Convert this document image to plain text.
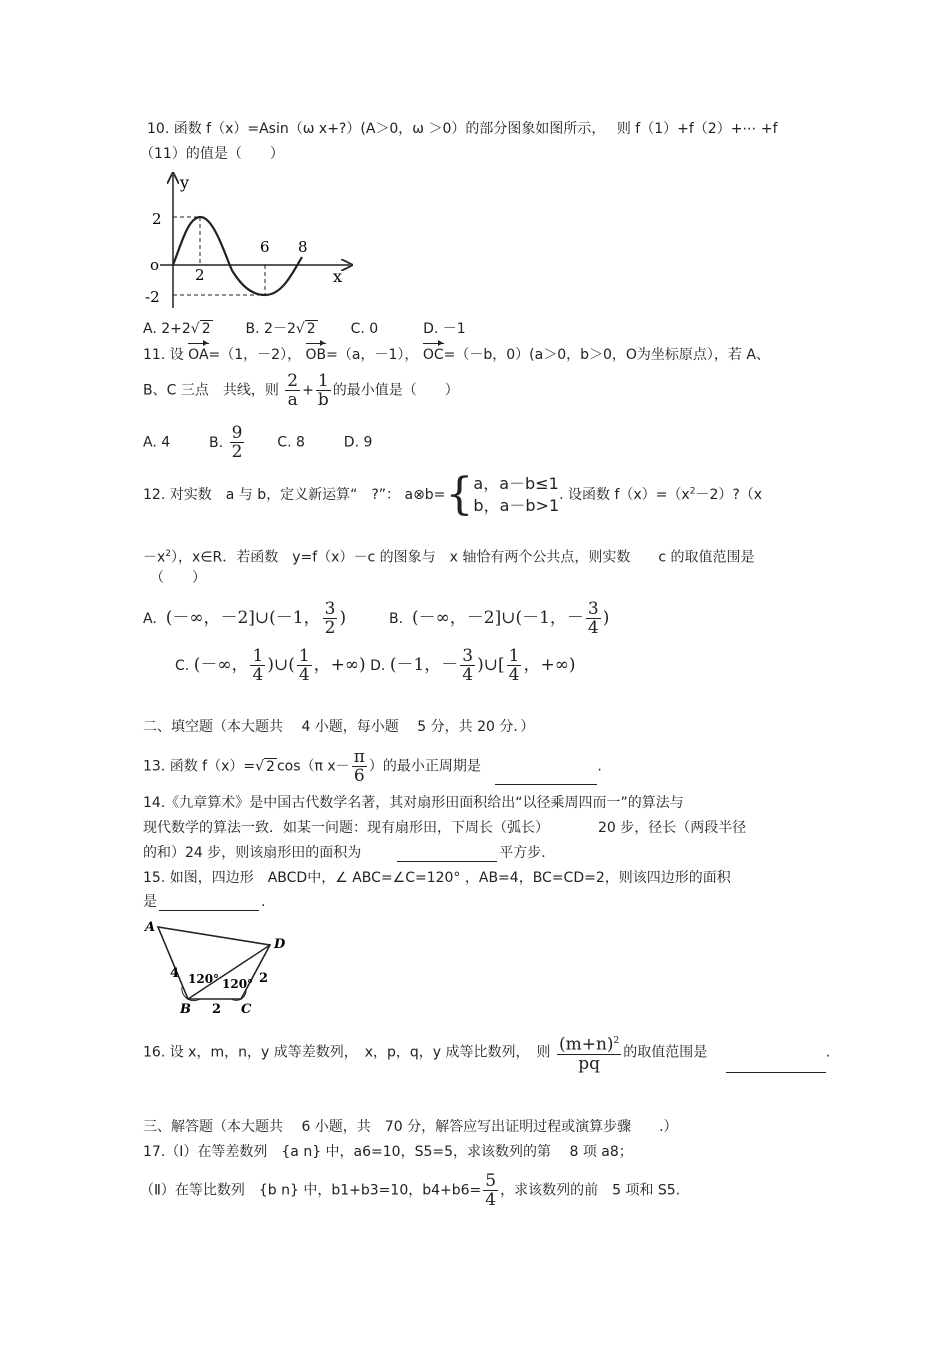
10. 函数 f（x）=Asin（ω x+?）(A＞0，ω ＞0）的部分图象如图所示，　 则 f（1）+f（2）+⋯ +f
（11）的值是（　　）
y
x
o
2
6 8
2
-2
A. 2+2√ 2 B. 2－2√ 2 C. 0	D. －1
11. 设 OA=（1，－2）， OB=（a，－1）， OC=（－b，0）(a＞0，b＞0，O为坐标原点），若 A、
B、C 三点　共线，则 $\frac{2}{a} + \frac{1}{b}$ 的最小值是（　　）
A. 4	B. $\frac{9}{2} C$. 8	D. 9
12. 对实数　a 与 b，定义新运算“　?”： a⊗b={ a，a－b≤1
b，a－b>1
. 设函数 $f(x)=(x^2-2)?(x$
$-x^2$），x∈R．若函数　y=f（x）－c 的图象与　x 轴恰有两个公共点，则实数　　c 的取值范围是
（　　）
A. (－∞，－2]∪(－1， $\frac{3}{2}$ )	B. (－∞，－2]∪(－1，－ $\frac{3}{4}$ )
C. (－∞， $\frac{1}{4}$ )∪( $\frac{1}{4}$ ，+∞) D. (－1，－ $\frac{3}{4}$ )∪[ $\frac{1}{4}$ ，+∞)
二、填空题（本大题共　 4 小题，每小题　 5 分，共 20 分．）
13. 函数 f（x）=√ 2 cos（π $x- \frac{\pi}{6}$ ）的最小正周期是	.
14.《九章算术》是中国古代数学名著，其对扇形田面积给出“以径乘周四而一”的算法与
现代数学的算法一致．如某一问题：现有扇形田，下周长（弧长）　　　　20 步，径长（两段半径
的和）24 步，则该扇形田的面积为	平方步.
15. 如图，四边形　ABCD中，∠ ABC=∠C=120° ，AB=4，BC=CD=2，则该四边形的面积
是	.
A
B	C
D
4
2
2
120° 120°
16. 设 x，m，n，y 成等差数列，　x，p，q，y 成等比数列，　则 $\frac{(m+n)^2}{pq}$ 的取值范围是	.
三、解答题（本大题共　 6 小题，共　70 分，解答应写出证明过程或演算步骤　　.）
17.（Ⅰ）在等差数列　{a n} 中，a6=10，S5=5，求该数列的第　 8 项 a8；
（Ⅱ）在等比数列　{b n} 中，b1+b3=10，$b4+b6= \frac{5}{4}$ ，求该数列的前　5 项和 S5.
